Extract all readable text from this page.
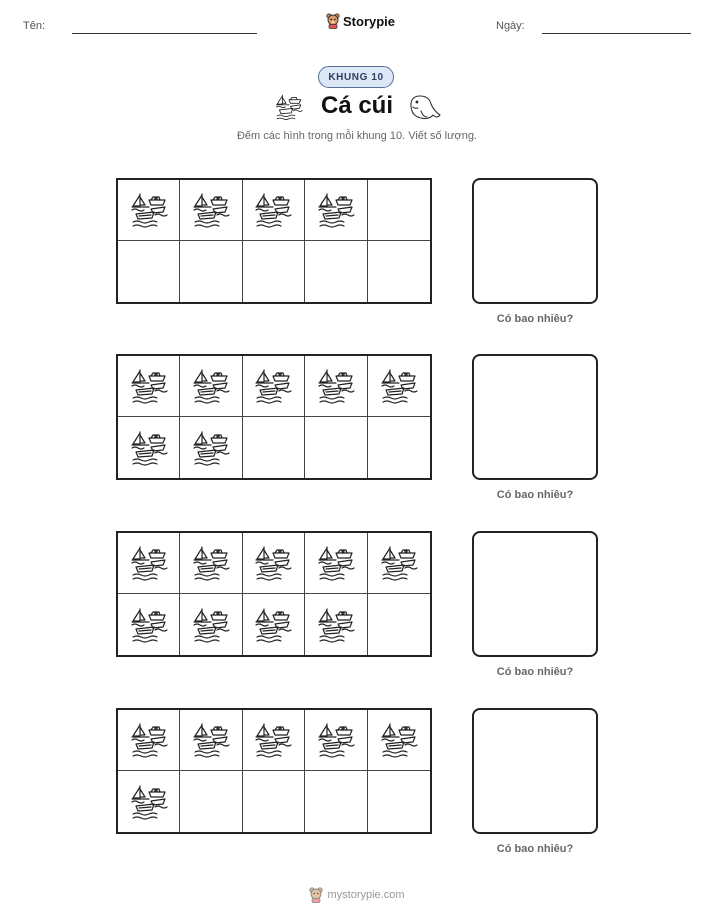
Tên:	Storypie	Ngày:
KHUNG 10
Cá cúi
Đếm các hình trong mỗi khung 10. Viết số lượng.
Có bao nhiêu?
Có bao nhiêu?
Có bao nhiêu?
Có bao nhiêu?
mystorypie.com
